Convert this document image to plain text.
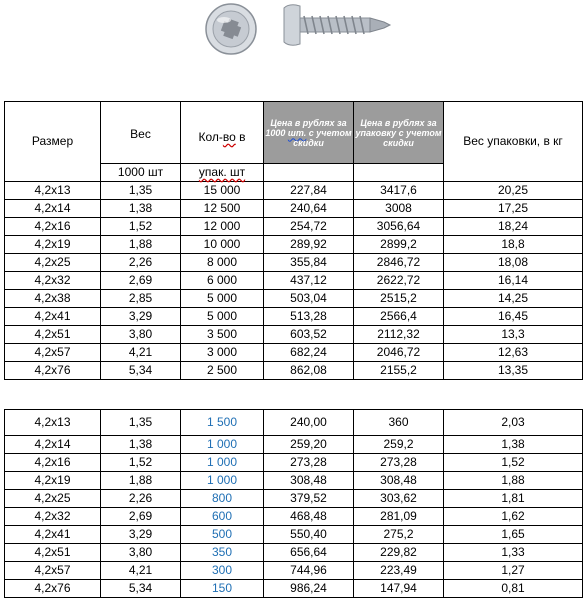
Размер	Вес	Кол-во в	Цена в рублях за 1000 шт. с учетом скидки	Цена в рублях за упаковку с учетом скидки	Вес упаковки, в кг
	1000 шт	упак. шт			
4,2x13	1,35	15 000	227,84	3417,6	20,25
4,2x14	1,38	12 500	240,64	3008	17,25
4,2x16	1,52	12 000	254,72	3056,64	18,24
4,2x19	1,88	10 000	289,92	2899,2	18,8
4,2x25	2,26	8 000	355,84	2846,72	18,08
4,2x32	2,69	6 000	437,12	2622,72	16,14
4,2x38	2,85	5 000	503,04	2515,2	14,25
4,2x41	3,29	5 000	513,28	2566,4	16,45
4,2x51	3,80	3 500	603,52	2112,32	13,3
4,2x57	4,21	3 000	682,24	2046,72	12,63
4,2x76	5,34	2 500	862,08	2155,2	13,35
4,2x13	1,35	1 500	240,00	360	2,03
4,2x14	1,38	1 000	259,20	259,2	1,38
4,2x16	1,52	1 000	273,28	273,28	1,52
4,2x19	1,88	1 000	308,48	308,48	1,88
4,2x25	2,26	800	379,52	303,62	1,81
4,2x32	2,69	600	468,48	281,09	1,62
4,2x41	3,29	500	550,40	275,2	1,65
4,2x51	3,80	350	656,64	229,82	1,33
4,2x57	4,21	300	744,96	223,49	1,27
4,2x76	5,34	150	986,24	147,94	0,81
